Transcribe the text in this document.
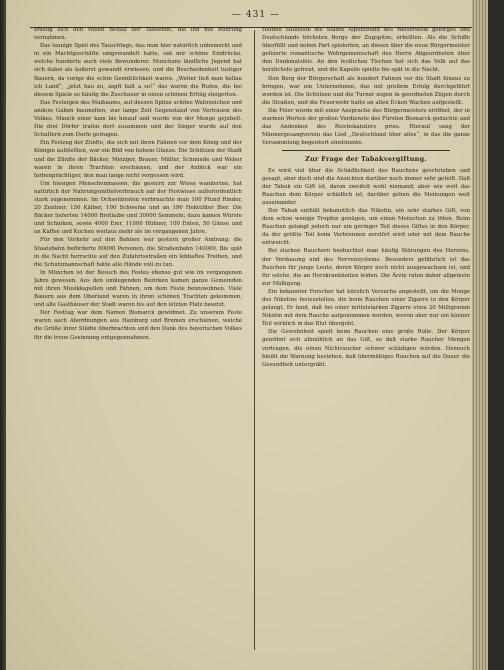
— 431 —

erzeug sich den vollen Beifall der Tausende, die ihn mit Rührung vernahmen.

Das launige Spiel des Tauschtags, das man hier natürlich unbemerkt und in ein Machtgeschäfte umgewandelt hatte, sah mir schöne Eindrücke, welche hunderte auch viele Bewunderer. Munchens ländliche Jugend hat sich dabei als äußerst gewandt erwiesen, und die Bescheidenheit lustiger Bauern, da vorige die echte Gemütlichkeit waren. „Weiter ließ man hellau ich Land“, „jetzt hau zu, zapft halt a so!“ das waren die Rufen, die bei diesem Spiele so häufig die Zuschauer in einen schönen Erfolg steigerten.

Das Festeigen des Maibaums, auf dessen Spitze schöne Wahrzeichen und andere Gaben baumelten, war lange Zeit Gegenstand von Vertrauen des Volkes. Manch einer kam bis hinauf und wurde von der Menge gejubelt. Die drei Dörfer trafen dort zusammen und der Sieger wurde auf den Schultern zum Dorfe getragen.

Ein Festzug der Zünfte, die sich mit ihren Fahnen vor dem König und der Königin aufstellten, war ein Bild von hohem Glanze. Die Schützen der Stadt und die Zünfte der Bäcker, Metzger, Brauer, Müller, Schmiede und Weber waren in ihren Trachten erschienen, und der Anblick war ein farbenprächtiger, den man lange nicht vergessen wird.

Um hiesigen Menschenmassen, die gestern zur Wiese wanderten, hat natürlich der Nahrungsmittelverbrauch auf der Festwiese außerordentlich stark zugenommen. Im Ochsenbraten verbrauchte man 100 Pfund Rinder, 20 Zentner, 150 Kälber, 100 Schweine und an 190 Hektoliter Bier. Die Bäcker lieferten 14000 Brotlaibe und 30000 Semmeln; dazu kamen Würste und Schinken, sowie 4000 Eier, 11000 Hühner, 100 Enten, 50 Gänse und an Kaffee und Kuchen weitaus mehr als im vergangenen Jahre.

Für den Verkehr auf den Bahnen war gestern großer Andrang; die Staatsbahn beförderte 60000 Personen, die Straßenbahn 140000. Bis spät in die Nacht herrschte auf den Zufahrtsstraßen ein lebhaftes Treiben, und die Schutzmannschaft hatte alle Hände voll zu tun.

In München ist der Besuch des Festes ebenso gut wie im vergangenen Jahre gewesen. Aus den umliegenden Bezirken kamen ganze Gemeinden mit ihren Musikkapellen und Fahnen, um dem Feste beizuwohnen. Viele Bauern aus dem Oberland waren in ihren schönen Trachten gekommen, und alle Gasthäuser der Stadt waren bis auf den letzten Platz besetzt.

Der Festtag war dem Namen Bismarck gewidmet. Zu unserem Feste waren auch Abordnungen aus Hamburg und Bremen erschienen, welche die Grüße ihrer Städte überbrachten und den Dank des bayerischen Volkes für die treue Gesinnung entgegennahmen.

Helden Sühleiste die Städte Alpentbund des Wetterstein gebirges und Deutschlands höchsten Berge der Zugspitze, erhellten. Als die Schiffe überfüllt und neben Part spielerten, an diesen über die neue Bürgermeister gefeierte romantische Wehrgemeinschaft des Herrn Abgeordneten über den Denkmalsfels. An den festlichen Tischen hat sich das Volk auf das herzlichste gefreut, und die Kapelle spielte bis spät in die Nacht.

Den Berg der Bürgerschaft als hundert Fahnen vor die Stadt hinaus zu bringen, war ein Unternehmen, das mit großem Erfolg durchgeführt worden ist. Die Schützen und die Turner zogen in geordneten Zügen durch die Straßen, und die Feuerwehr hatte an allen Ecken Wachen aufgestellt.

Die Feier wurde mit einer Ansprache des Bürgermeisters eröffnet, der in warmen Worten der großen Verdienste des Fürsten Bismarck gedachte und das Andenken des Reichskanzlers pries. Hierauf sang der Männergesangverein das Lied „Deutschland über alles“, in das die ganze Versammlung begeistert einstimmte.

Zur Frage der Tabakvergiftung.

Es wird viel über die Schädlichkeit des Rauchens geschrieben und gesagt, aber doch sind die Ansichten darüber noch immer sehr geteilt. Daß der Tabak ein Gift ist, daran zweifelt wohl niemand; aber wie weit das Rauchen dem Körper schädlich ist, darüber gehen die Meinungen weit auseinander.

Der Tabak enthält bekanntlich das Nikotin, ein sehr starkes Gift, von dem schon wenige Tropfen genügen, um einen Menschen zu töten. Beim Rauchen gelangt jedoch nur ein geringer Teil dieses Giftes in den Körper, da der größte Teil beim Verbrennen zerstört wird oder mit dem Rauche entweicht.

Bei starken Rauchern beobachtet man häufig Störungen des Herzens, der Verdauung und des Nervensystems. Besonders gefährlich ist das Rauchen für junge Leute, deren Körper noch nicht ausgewachsen ist, und für solche, die an Herzkrankheiten leiden. Die Ärzte raten daher allgemein zur Mäßigung.

Ein bekannter Forscher hat kürzlich Versuche angestellt, um die Menge des Nikotins festzustellen, die beim Rauchen einer Zigarre in den Körper gelangt. Er fand, daß bei einer mittelstarken Zigarre etwa 20 Milligramm Nikotin mit dem Rauche aufgenommen werden, wovon aber nur ein kleiner Teil wirklich in das Blut übergeht.

Die Gewohnheit spielt beim Rauchen eine große Rolle. Der Körper gewöhnt sich allmählich an das Gift, so daß starke Raucher Mengen vertragen, die einen Nichtraucher schwer schädigen würden. Dennoch bleibt die Warnung bestehen, daß übermäßiges Rauchen auf die Dauer die Gesundheit untergräbt.
